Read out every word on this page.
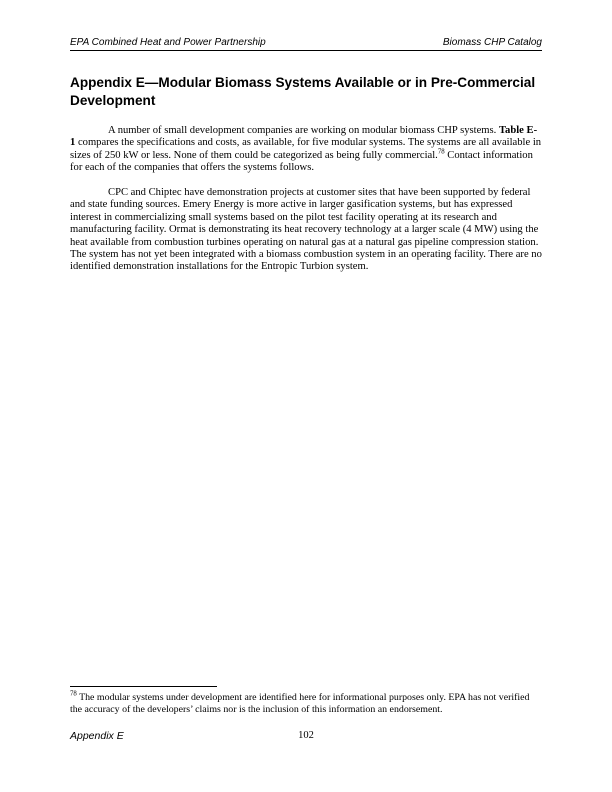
EPA Combined Heat and Power Partnership	Biomass CHP Catalog
Appendix E—Modular Biomass Systems Available or in Pre-Commercial Development

A number of small development companies are working on modular biomass CHP systems. Table E-1 compares the specifications and costs, as available, for five modular systems. The systems are all available in sizes of 250 kW or less. None of them could be categorized as being fully commercial.$^{78}$ Contact information for each of the companies that offers the systems follows.

CPC and Chiptec have demonstration projects at customer sites that have been supported by federal and state funding sources. Emery Energy is more active in larger gasification systems, but has expressed interest in commercializing small systems based on the pilot test facility operating at its research and manufacturing facility. Ormat is demonstrating its heat recovery technology at a larger scale (4 MW) using the heat available from combustion turbines operating on natural gas at a natural gas pipeline compression station. The system has not yet been integrated with a biomass combustion system in an operating facility. There are no identified demonstration installations for the Entropic Turbion system.

$^{78}$ The modular systems under development are identified here for informational purposes only. EPA has not verified the accuracy of the developers’ claims nor is the inclusion of this information an endorsement.

Appendix E	102
